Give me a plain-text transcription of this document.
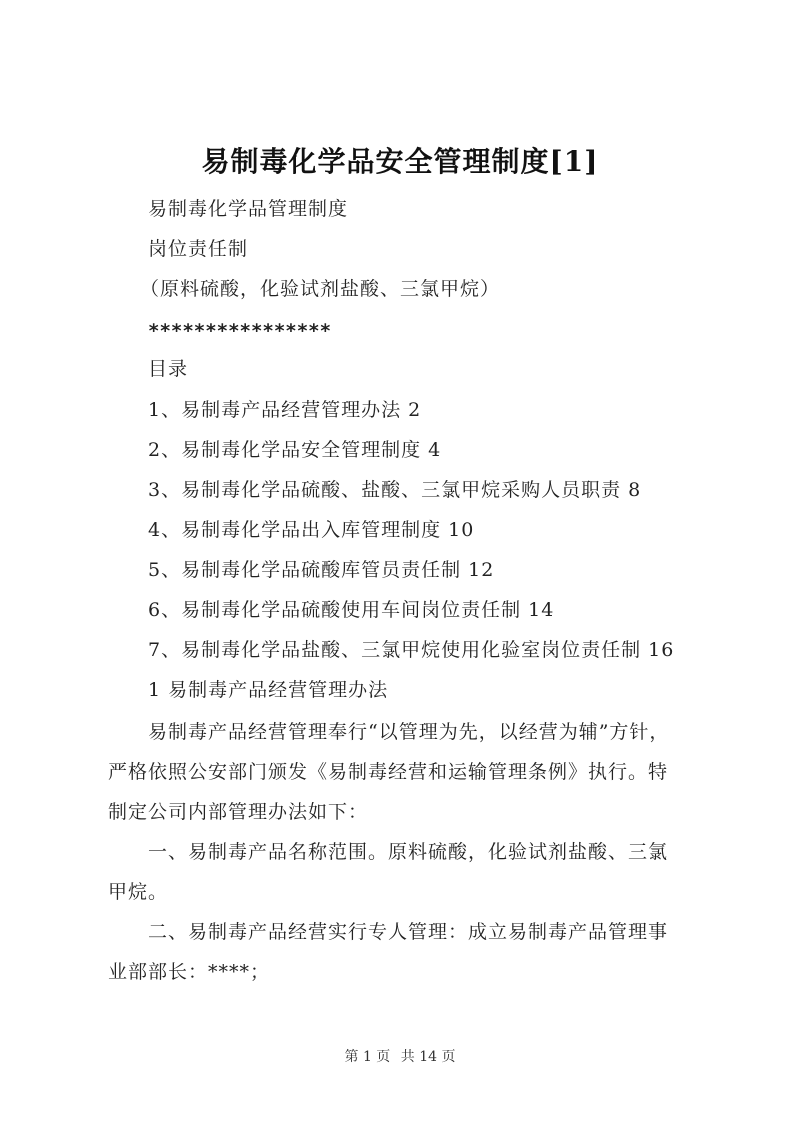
易制毒化学品安全管理制度[1]
易制毒化学品管理制度
岗位责任制
（原料硫酸，化验试剂盐酸、三氯甲烷）
****************
目录
1、易制毒产品经营管理办法 2
2、易制毒化学品安全管理制度 4
3、易制毒化学品硫酸、盐酸、三氯甲烷采购人员职责 8
4、易制毒化学品出入库管理制度 10
5、易制毒化学品硫酸库管员责任制 12
6、易制毒化学品硫酸使用车间岗位责任制 14
7、易制毒化学品盐酸、三氯甲烷使用化验室岗位责任制 16
1 易制毒产品经营管理办法
易制毒产品经营管理奉行“以管理为先，以经营为辅”方针，
严格依照公安部门颁发《易制毒经营和运输管理条例》执行。特
制定公司内部管理办法如下：
一、易制毒产品名称范围。原料硫酸，化验试剂盐酸、三氯
甲烷。
二、易制毒产品经营实行专人管理：成立易制毒产品管理事
业部部长：****；
第 1 页 共 14 页
